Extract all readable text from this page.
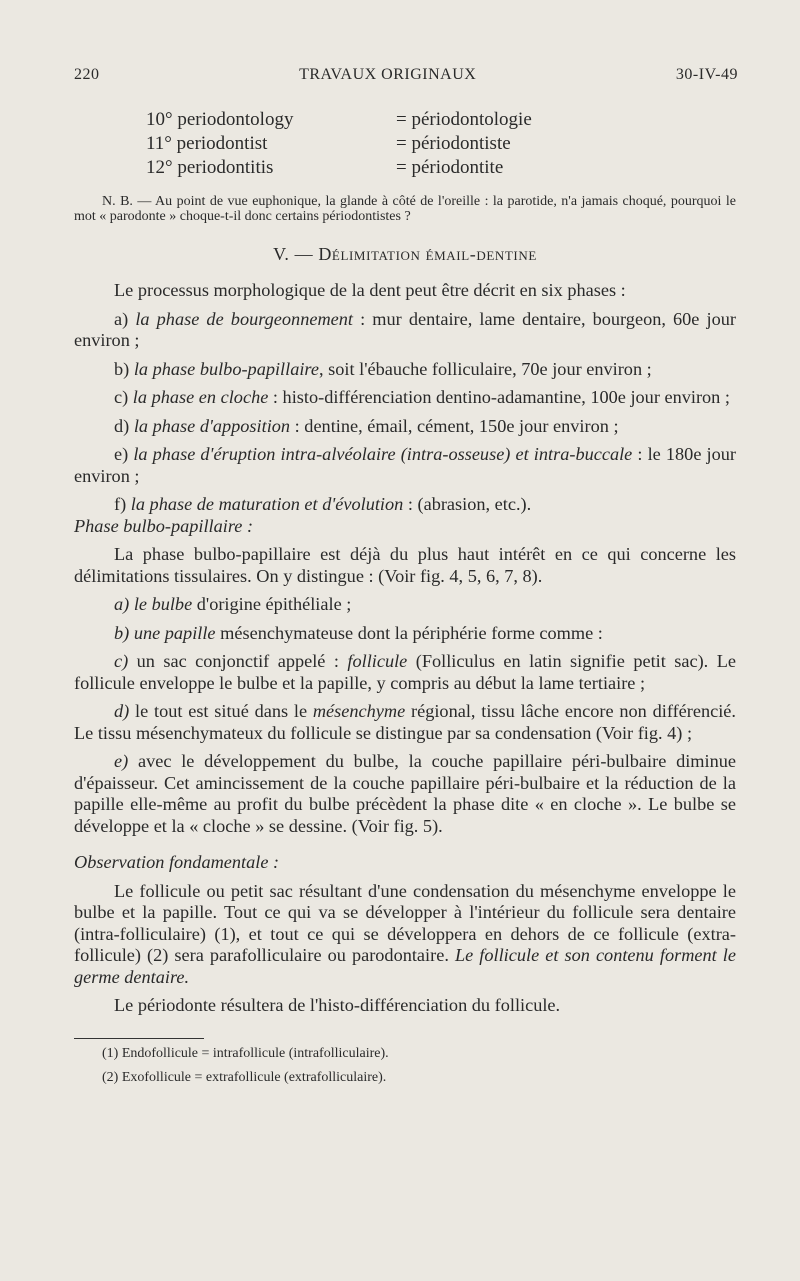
220	TRAVAUX ORIGINAUX	30-IV-49
10° periodontology	= périodontologie
11° periodontist	= périodontiste
12° periodontitis	= périodontite
N. B. — Au point de vue euphonique, la glande à côté de l'oreille : la parotide, n'a jamais choqué, pourquoi le mot « parodonte » choque-t-il donc certains périodontistes ?
V. — Délimitation émail-dentine

Le processus morphologique de la dent peut être décrit en six phases :

a) la phase de bourgeonnement : mur dentaire, lame dentaire, bourgeon, 60e jour environ ;

b) la phase bulbo-papillaire, soit l'ébauche folliculaire, 70e jour environ ;

c) la phase en cloche : histo-différenciation dentino-adamantine, 100e jour environ ;

d) la phase d'apposition : dentine, émail, cément, 150e jour environ ;

e) la phase d'éruption intra-alvéolaire (intra-osseuse) et intra-buccale : le 180e jour environ ;

f) la phase de maturation et d'évolution : (abrasion, etc.).

Phase bulbo-papillaire :

La phase bulbo-papillaire est déjà du plus haut intérêt en ce qui concerne les délimitations tissulaires. On y distingue : (Voir fig. 4, 5, 6, 7, 8).

a) le bulbe d'origine épithéliale ;

b) une papille mésenchymateuse dont la périphérie forme comme :

c) un sac conjonctif appelé : follicule (Folliculus en latin signifie petit sac). Le follicule enveloppe le bulbe et la papille, y compris au début la lame tertiaire ;

d) le tout est situé dans le mésenchyme régional, tissu lâche encore non différencié. Le tissu mésenchymateux du follicule se distingue par sa condensation (Voir fig. 4) ;

e) avec le développement du bulbe, la couche papillaire péri-bulbaire diminue d'épaisseur. Cet amincissement de la couche papillaire péri-bulbaire et la réduction de la papille elle-même au profit du bulbe précèdent la phase dite « en cloche ». Le bulbe se développe et la « cloche » se dessine. (Voir fig. 5).

Observation fondamentale :

Le follicule ou petit sac résultant d'une condensation du mésenchyme enveloppe le bulbe et la papille. Tout ce qui va se développer à l'intérieur du follicule sera dentaire (intra-folliculaire) (1), et tout ce qui se développera en dehors de ce follicule (extra-follicule) (2) sera parafolliculaire ou parodontaire. Le follicule et son contenu forment le germe dentaire.

Le périodonte résultera de l'histo-différenciation du follicule.

(1) Endofollicule = intrafollicule (intrafolliculaire).
(2) Exofollicule = extrafollicule (extrafolliculaire).
